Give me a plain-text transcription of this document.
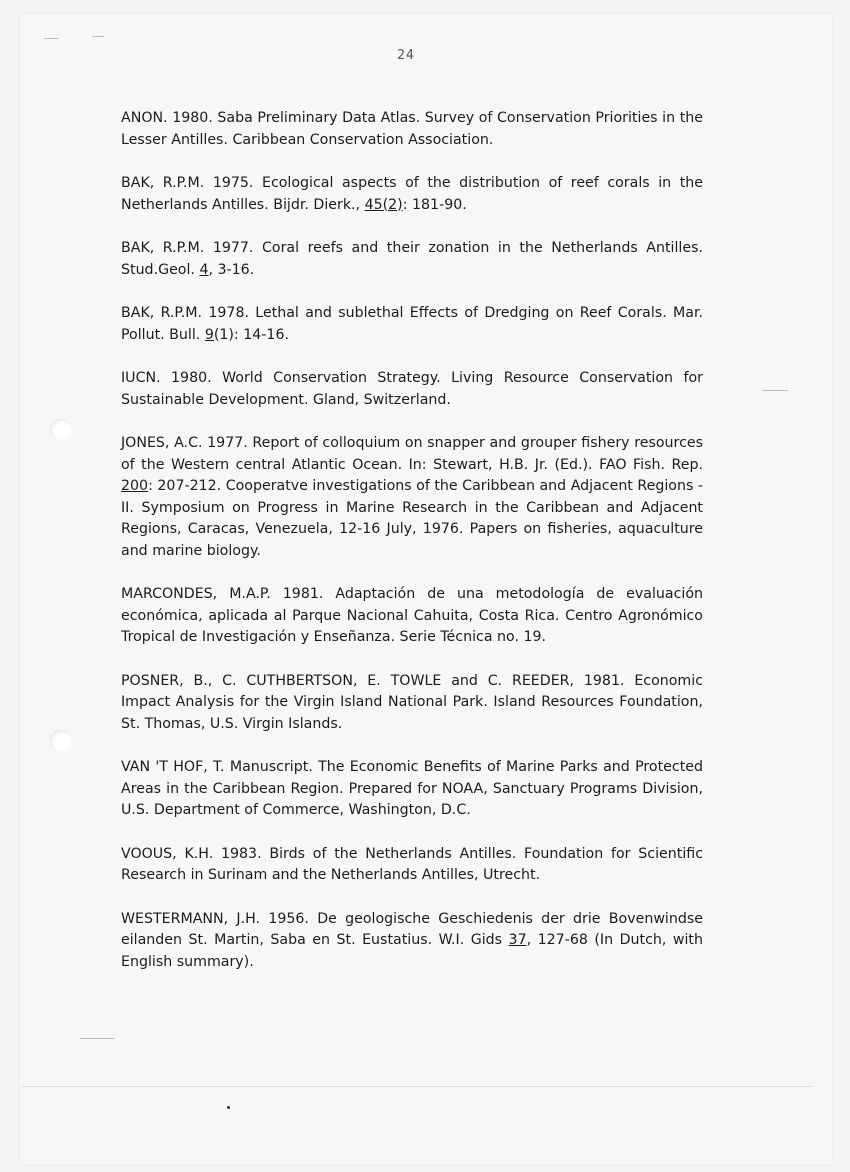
24

ANON. 1980. Saba Preliminary Data Atlas. Survey of Conservation Priorities in the Lesser Antilles. Caribbean Conservation Association.

BAK, R.P.M. 1975. Ecological aspects of the distribution of reef corals in the Netherlands Antilles. Bijdr. Dierk., 45(2): 181-90.

BAK, R.P.M. 1977. Coral reefs and their zonation in the Netherlands Antilles. Stud.Geol. 4, 3-16.

BAK, R.P.M. 1978. Lethal and sublethal Effects of Dredging on Reef Corals. Mar. Pollut. Bull. 9(1): 14-16.

IUCN. 1980. World Conservation Strategy. Living Resource Conservation for Sustainable Development. Gland, Switzerland.

JONES, A.C. 1977. Report of colloquium on snapper and grouper fishery resources of the Western central Atlantic Ocean. In: Stewart, H.B. Jr. (Ed.). FAO Fish. Rep. 200: 207-212. Cooperatve investigations of the Caribbean and Adjacent Regions - II. Symposium on Progress in Marine Research in the Caribbean and Adjacent Regions, Caracas, Venezuela, 12-16 July, 1976. Papers on fisheries, aquaculture and marine biology.

MARCONDES, M.A.P. 1981. Adaptación de una metodología de evaluación económica, aplicada al Parque Nacional Cahuita, Costa Rica. Centro Agronómico Tropical de Investigación y Enseñanza. Serie Técnica no. 19.

POSNER, B., C. CUTHBERTSON, E. TOWLE and C. REEDER, 1981. Economic Impact Analysis for the Virgin Island National Park. Island Resources Foundation, St. Thomas, U.S. Virgin Islands.

VAN 'T HOF, T. Manuscript. The Economic Benefits of Marine Parks and Protected Areas in the Caribbean Region. Prepared for NOAA, Sanctuary Programs Division, U.S. Department of Commerce, Washington, D.C.

VOOUS, K.H. 1983. Birds of the Netherlands Antilles. Foundation for Scientific Research in Surinam and the Netherlands Antilles, Utrecht.

WESTERMANN, J.H. 1956. De geologische Geschiedenis der drie Bovenwindse eilanden St. Martin, Saba en St. Eustatius. W.I. Gids 37, 127-68 (In Dutch, with English summary).
